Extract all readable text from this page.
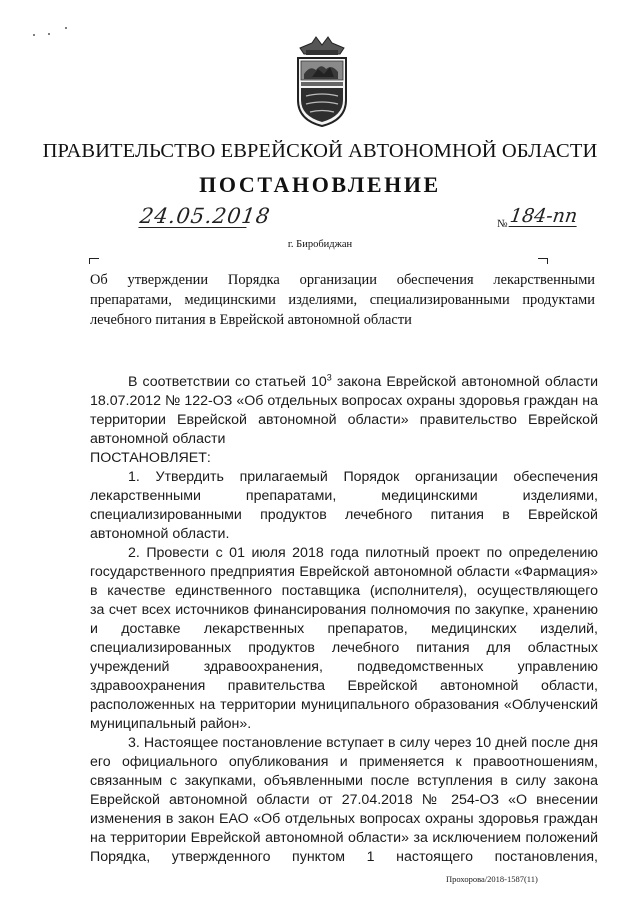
ПРАВИТЕЛЬСТВО ЕВРЕЙСКОЙ АВТОНОМНОЙ ОБЛАСТИ
ПОСТАНОВЛЕНИЕ
24.05.2018	№ 184-пп
г. Биробиджан
Об утверждении Порядка организации обеспечения лекарственными
препаратами, медицинскими изделиями, специализированными продуктами
лечебного питания в Еврейской автономной области

В соответствии со статьей $10^3$ закона Еврейской автономной области
18.07.2012 № 122-ОЗ «Об отдельных вопросах охраны здоровья граждан на
территории Еврейской автономной области» правительство Еврейской
автономной области

ПОСТАНОВЛЯЕТ:

1. Утвердить прилагаемый Порядок организации обеспечения
лекарственными препаратами, медицинскими изделиями,
специализированными продуктов лечебного питания в Еврейской
автономной области.

2. Провести с 01 июля 2018 года пилотный проект по определению
государственного предприятия Еврейской автономной области «Фармация»
в качестве единственного поставщика (исполнителя), осуществляющего
за счет всех источников финансирования полномочия по закупке, хранению
и доставке лекарственных препаратов, медицинских изделий,
специализированных продуктов лечебного питания для областных
учреждений здравоохранения, подведомственных управлению
здравоохранения правительства Еврейской автономной области,
расположенных на территории муниципального образования «Облученский
муниципальный район».

3. Настоящее постановление вступает в силу через 10 дней после дня
его официального опубликования и применяется к правоотношениям,
связанным с закупками, объявленными после вступления в силу закона
Еврейской автономной области от 27.04.2018 № 254-ОЗ «О внесении
изменения в закон ЕАО «Об отдельных вопросах охраны здоровья граждан
на территории Еврейской автономной области» за исключением положений
Порядка, утвержденного пунктом 1 настоящего постановления,

Прохорова/2018-1587(11)
